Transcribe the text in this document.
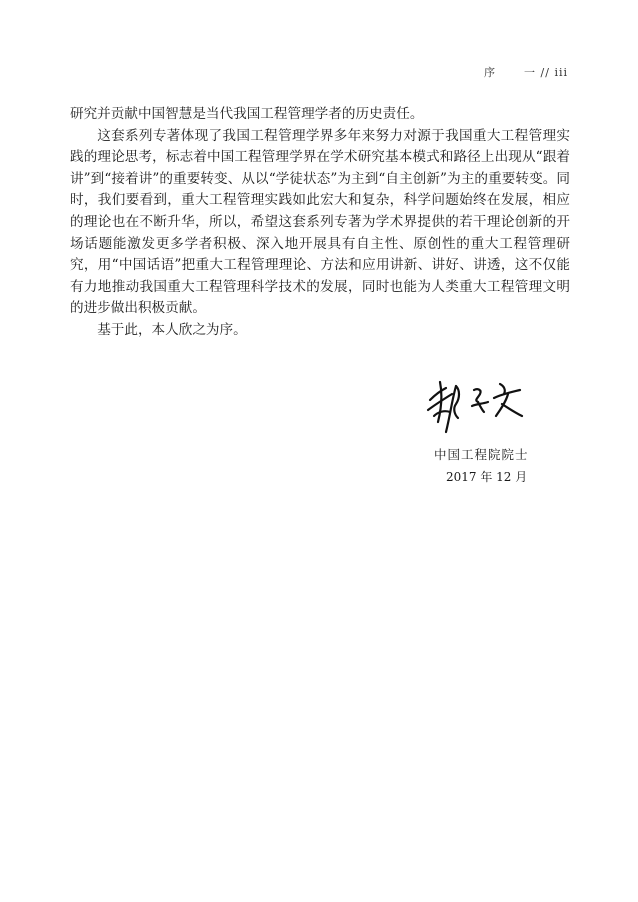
序	一 // iii

研究并贡献中国智慧是当代我国工程管理学者的历史责任。

这套系列专著体现了我国工程管理学界多年来努力对源于我国重大工程管理实践的理论思考，标志着中国工程管理学界在学术研究基本模式和路径上出现从“跟着讲”到“接着讲”的重要转变、从以“学徒状态”为主到“自主创新”为主的重要转变。同时，我们要看到，重大工程管理实践如此宏大和复杂，科学问题始终在发展，相应的理论也在不断升华，所以，希望这套系列专著为学术界提供的若干理论创新的开场话题能激发更多学者积极、深入地开展具有自主性、原创性的重大工程管理研究，用“中国话语”把重大工程管理理论、方法和应用讲新、讲好、讲透，这不仅能有力地推动我国重大工程管理科学技术的发展，同时也能为人类重大工程管理文明的进步做出积极贡献。

基于此，本人欣之为序。

中国工程院院士
2017 年 12 月
